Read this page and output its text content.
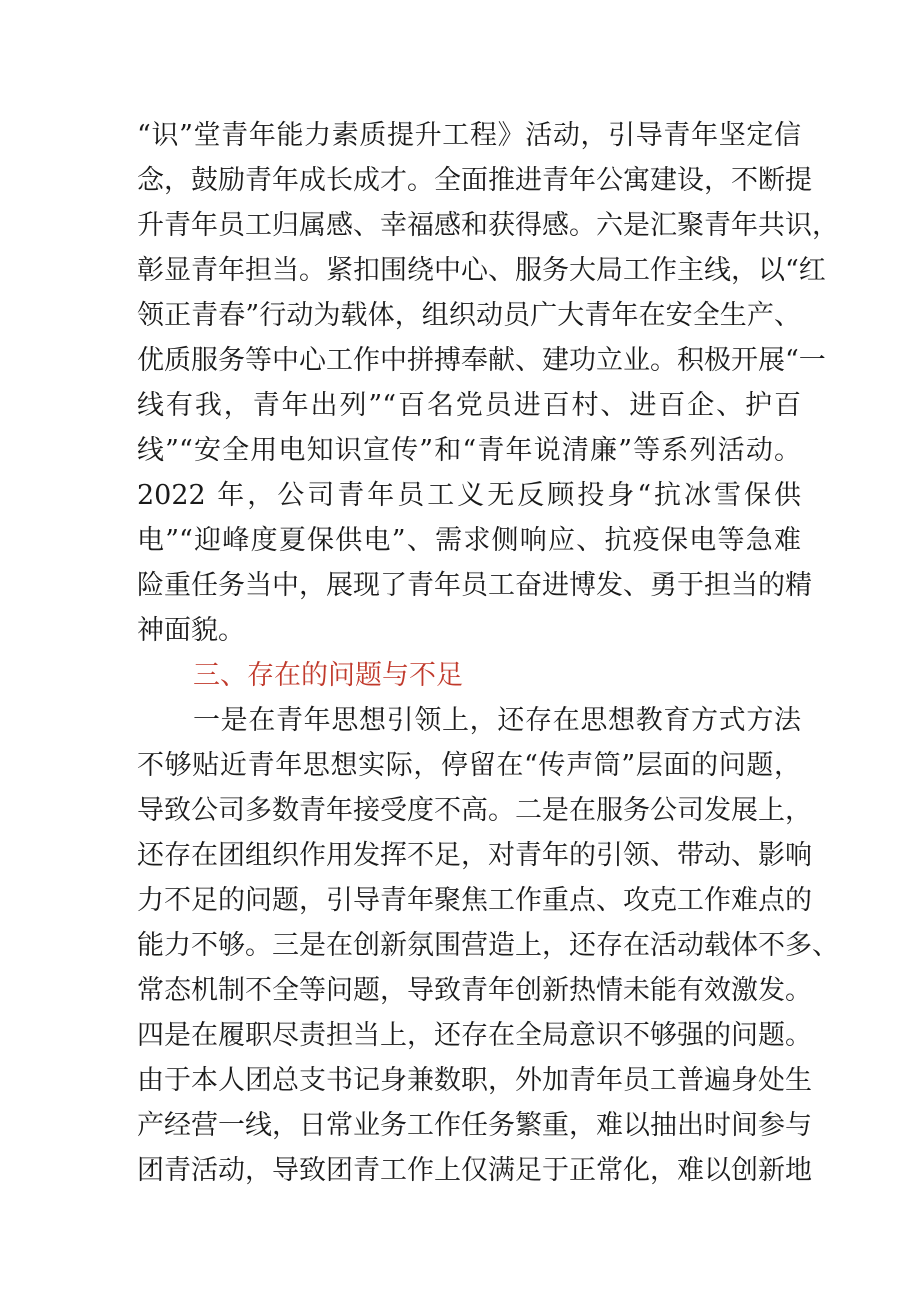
“识”堂青年能力素质提升工程》活动，引导青年坚定信
念，鼓励青年成长成才。全面推进青年公寓建设，不断提
升青年员工归属感、幸福感和获得感。六是汇聚青年共识，
彰显青年担当。紧扣围绕中心、服务大局工作主线，以“红
领正青春”行动为载体，组织动员广大青年在安全生产、
优质服务等中心工作中拼搏奉献、建功立业。积极开展“一
线有我，青年出列”“百名党员进百村、进百企、护百
线”“安全用电知识宣传”和“青年说清廉”等系列活动。
2022 年，公司青年员工义无反顾投身“抗冰雪保供
电”“迎峰度夏保供电”、需求侧响应、抗疫保电等急难
险重任务当中，展现了青年员工奋进博发、勇于担当的精
神面貌。
三、存在的问题与不足
一是在青年思想引领上，还存在思想教育方式方法
不够贴近青年思想实际，停留在“传声筒”层面的问题，
导致公司多数青年接受度不高。二是在服务公司发展上，
还存在团组织作用发挥不足，对青年的引领、带动、影响
力不足的问题，引导青年聚焦工作重点、攻克工作难点的
能力不够。三是在创新氛围营造上，还存在活动载体不多、
常态机制不全等问题，导致青年创新热情未能有效激发。
四是在履职尽责担当上，还存在全局意识不够强的问题。
由于本人团总支书记身兼数职，外加青年员工普遍身处生
产经营一线，日常业务工作任务繁重，难以抽出时间参与
团青活动，导致团青工作上仅满足于正常化，难以创新地
